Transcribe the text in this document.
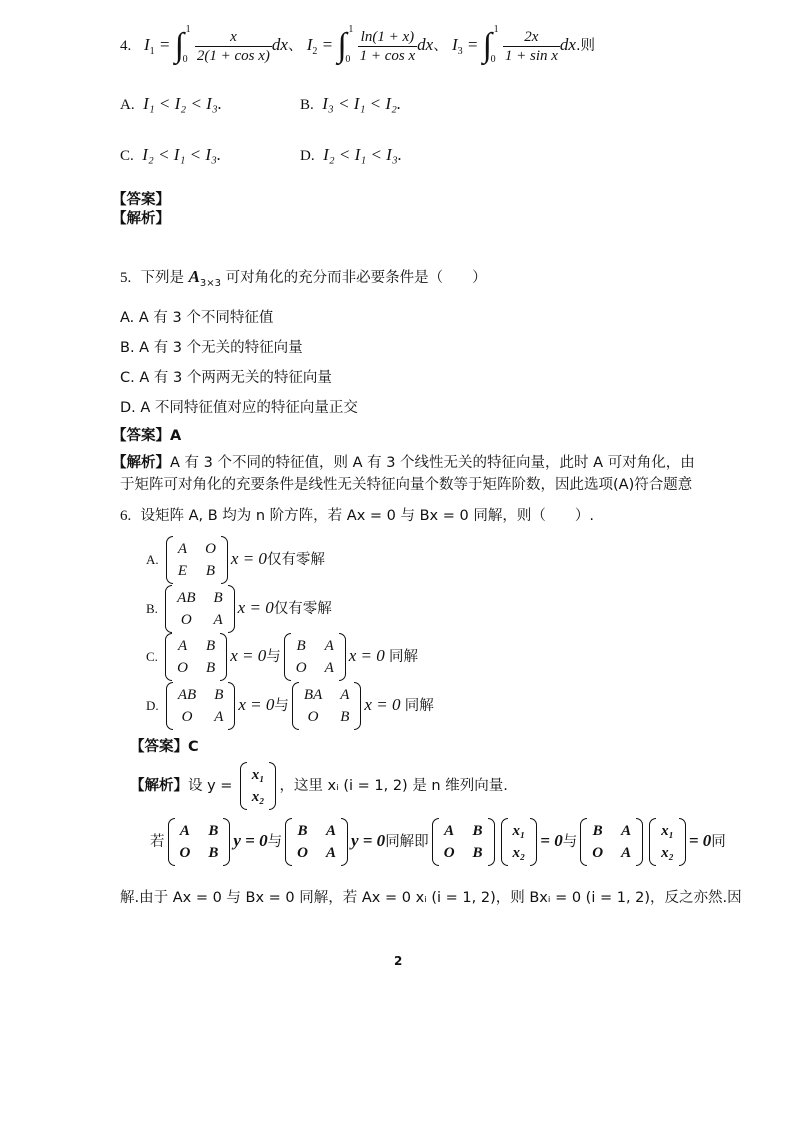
4. $I_1$ = ∫ 1
0
$\frac{x}{\text{2(1 + cos x)}}$ dx、 $I_2$ = ∫ 1
0
$\frac{\ln(1 + x)}{\text{1 + cos x}}$ dx、 $I_3$ = ∫ 1
0
$\frac{2x}{\text{1 + sin x}}$ dx.则
A. I₁ < I₂ < I₃.	B. I₃ < I₁ < I₂.
C. I₂ < I₁ < I₃.	D. I₂ < I₁ < I₃.
【答案】
【解析】
5. 下列是 $A_{3\times 3}$ 可对角化的充分而非必要条件是（　　）
A. A 有 3 个不同特征值
B. A 有 3 个无关的特征向量
C. A 有 3 个两两无关的特征向量
D. A 不同特征值对应的特征向量正交
【答案】A
【解析】A 有 3 个不同的特征值，则 A 有 3 个线性无关的特征向量，此时 A 可对角化，由
于矩阵可对角化的充要条件是线性无关特征向量个数等于矩阵阶数，因此选项(A)符合题意
6. 设矩阵 A, B 均为 n 阶方阵，若 Ax = 0 与 Bx = 0 同解，则（　　）.
A.
A O
E	B
x = 0仅有零解
B.
AB B
O	A
x = 0仅有零解
C.
A	B
O B
x = 0与
B	A
O A
x = 0 同解
D.
AB B
O	A
x = 0与
BA A
O	B
x = 0 同解
【答案】C
【解析】设 y =
x₁
x₂
，这里 xᵢ (i = 1, 2) 是 n 维列向量.
若
A B
O B
y = 0与
B A
O A
y = 0同解即
A B
O B
x₁
x₂
= 0与
B A
O A
x₁
x₂
= 0同
解.由于 Ax = 0 与 Bx = 0 同解，若 Ax = 0 xᵢ (i = 1, 2)，则 Bxᵢ = 0 (i = 1, 2)，反之亦然.因
2
